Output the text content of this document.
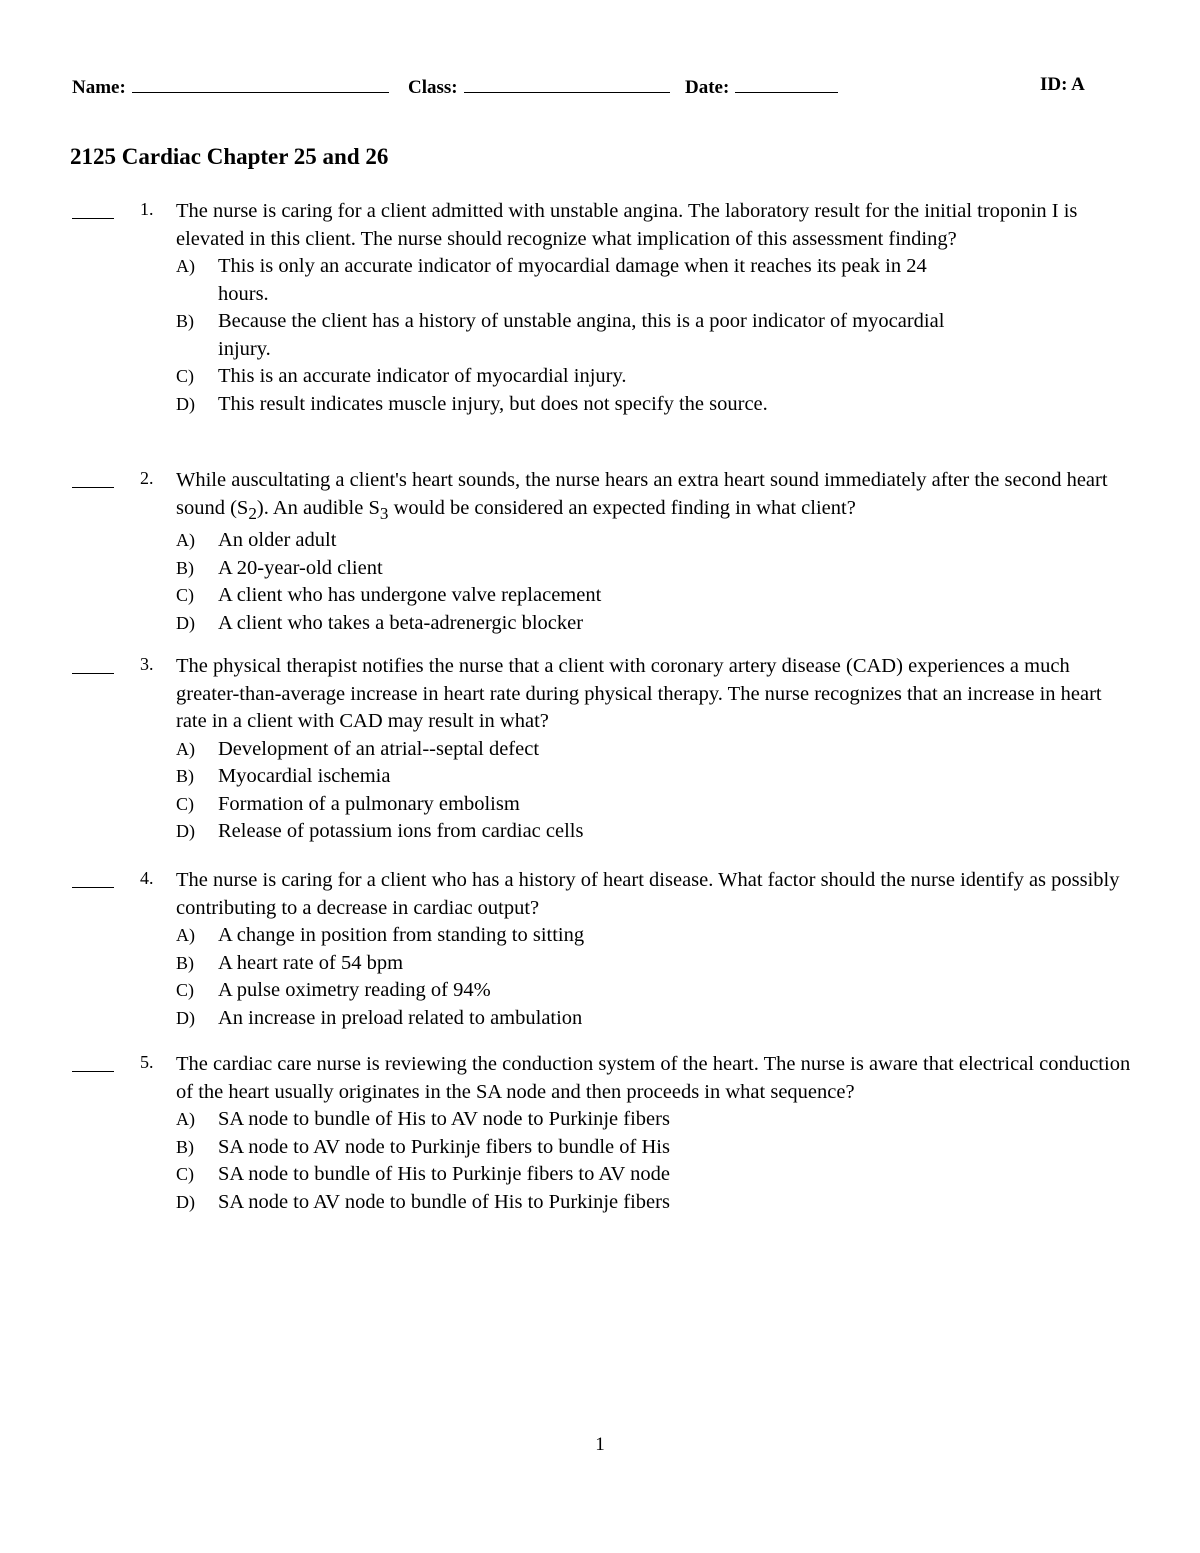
Name:	Class:	Date:	ID: A
2125 Cardiac Chapter 25 and 26
1.	The nurse is caring for a client admitted with unstable angina. The laboratory result for the initial troponin I is elevated in this client. The nurse should recognize what implication of this assessment finding?
A) This is only an accurate indicator of myocardial damage when it reaches its peak in 24 hours.
B) Because the client has a history of unstable angina, this is a poor indicator of myocardial injury.
C) This is an accurate indicator of myocardial injury.
D) This result indicates muscle injury, but does not specify the source.
2.	While auscultating a client's heart sounds, the nurse hears an extra heart sound immediately after the second heart sound $(S_2)$. An audible $S_3$ would be considered an expected finding in what client?
A) An older adult
B) A 20-year-old client
C) A client who has undergone valve replacement
D) A client who takes a beta-adrenergic blocker
3.	The physical therapist notifies the nurse that a client with coronary artery disease (CAD) experiences a much greater-than-average increase in heart rate during physical therapy. The nurse recognizes that an increase in heart rate in a client with CAD may result in what?
A) Development of an atrial--septal defect
B) Myocardial ischemia
C) Formation of a pulmonary embolism
D) Release of potassium ions from cardiac cells
4.	The nurse is caring for a client who has a history of heart disease. What factor should the nurse identify as possibly contributing to a decrease in cardiac output?
A) A change in position from standing to sitting
B) A heart rate of 54 bpm
C) A pulse oximetry reading of 94%
D) An increase in preload related to ambulation
5.	The cardiac care nurse is reviewing the conduction system of the heart. The nurse is aware that electrical conduction of the heart usually originates in the SA node and then proceeds in what sequence?
A) SA node to bundle of His to AV node to Purkinje fibers
B) SA node to AV node to Purkinje fibers to bundle of His
C) SA node to bundle of His to Purkinje fibers to AV node
D) SA node to AV node to bundle of His to Purkinje fibers
1
